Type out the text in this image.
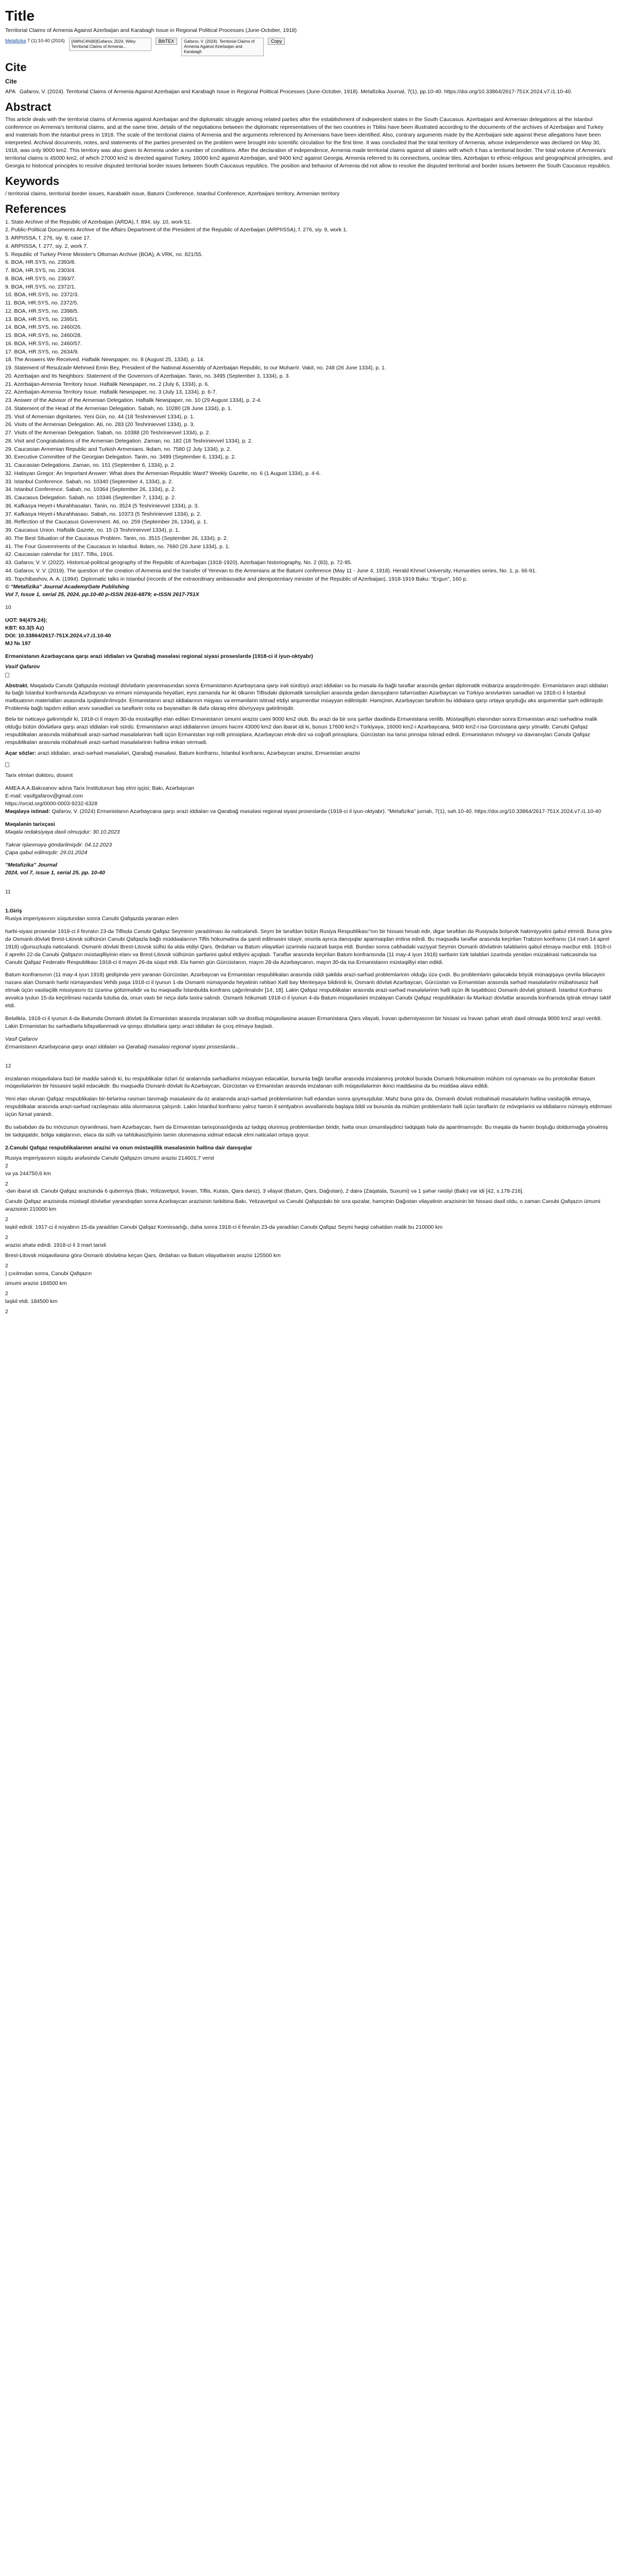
Title

Territorial Claims of Armenia Against Azerbaijan and Karabagh Issue in Regional Political Processes (June-October, 1918)

Metafizika 7 (1):10-40 (2024)	[AM%C4%B0]Gafarov, 2024, Wiley Territorial Claims of Armenia...
BibTEX	Gafarov, V. (2024). Territorial Claims of Armenia Against Azerbaijan and Karabagh
Copy
Cite
Cite
APA Gafarov, V. (2024). Territorial Claims of Armenia Against Azerbaijan and Karabagh Issue in Regional Political Processes (June-October, 1918). Metafizika Journal, 7(1), pp.10-40. https://doi.org/10.33864/2617-751X.2024.v7.i1.10-40.
Abstract

This article deals with the territorial claims of Armenia against Azerbaijan and the diplomatic struggle among related parties after the establishment of independent states in the South Caucasus. Azerbaijani and Armenian delegations at the Istanbul conference on Armenia's territorial claims, and at the same time, details of the negotiations between the diplomatic representatives of the two countries in Tbilisi have been illustrated according to the documents of the archives of Azerbaijan and Turkey and materials from the Istanbul press in 1918. The scale of the territorial claims of Armenia and the arguments referenced by Armenians have been identified. Also, contrary arguments made by the Azerbaijani side against these allegations have been interpreted. Archival documents, notes, and statements of the parties presented on the problem were brought into scientific circulation for the first time. It was concluded that the total territory of Armenia, whose independence was declared on May 30, 1918, was only 9000 km2. This territory was also given to Armenia under a number of conditions. After the declaration of independence, Armenia made territorial claims against all states with which it has a territorial border. The total volume of Armenia's territorial claims is 45000 km2, of which 27000 km2 is directed against Turkey, 16000 km2 against Azerbaijan, and 9400 km2 against Georgia. Armenia referred to its connections, unclear tiles, Azerbaijan to ethnic-religious and geographical principles, and Georgia to historical principles to resolve disputed territorial border issues between South Caucasus republics. The position and behavior of Armenia did not allow to resolve the disputed territorial and border issues between the South Caucasus republics.

Keywords

/ territorial claims, territorial border issues, Karabakh issue, Batumi Conference, Istanbul Conference, Azerbaijani territory, Armenian territory

References

1. State Archive of the Republic of Azerbaijan (ARDA), f. 894, siy. 10, work 51.

2. Public-Political Documents Archive of the Affairs Department of the President of the Republic of Azerbaijan (ARPIISSA), f. 276, siy. 9, work 1.

3. ARPIISSA, f. 276, siy. 9, case 17.

4. ARPIISSA, f. 277, siy. 2, work 7.

5. Republic of Turkey Prime Minister's Ottoman Archive (BOA), A.VRK, no. 821/55.

6. BOA, HR.SYS, no. 2393/8.

7. BOA, HR.SYS, no. 2303/4.

8. BOA, HR.SYS, no. 2393/7.

9. BOA, HR.SYS, no. 2372/1.

10. BOA, HR.SYS, no. 2372/3.

11. BOA, HR.SYS, no. 2372/5.

12. BOA, HR.SYS, no. 2398/5.

13. BOA, HR.SYS, no. 2395/1.

14. BOA, HR.SYS, no. 2460/26.

15. BOA, HR.SYS, no. 2460/28.

16. BOA, HR.SYS, no. 2460/57.

17. BOA, HR.SYS, no. 2634/9.

18. The Answers We Received. Haftalik Newspaper, no. 8 (August 25, 1334), p. 14.

19. Statement of Resulzade Mehmed Emin Bey, President of the National Assembly of Azerbaijan Republic, to our Muharrir. Vakit, no. 248 (26 June 1334), p. 1.

20. Azerbaijan and Its Neighbors: Statement of the Governors of Azerbaijan. Tanin, no. 3495 (September 3, 1334), p. 3.

21. Azerbaijan-Armenia Territory Issue. Haftalik Newspaper, no. 2 (July 6, 1334), p. 6.

22. Azerbaijan-Armenia Territory Issue. Haftalik Newspaper, no. 3 (July 13, 1334), p. 6-7.

23. Answer of the Advisor of the Armenian Delegation. Haftalik Newspaper, no. 10 (29 August 1334), p. 2-4.

24. Statement of the Head of the Armenian Delegation. Sabah, no. 10280 (28 June 1334), p. 1.

25. Visit of Armenian dignitaries. Yeni Gün, no. 44 (18 Teshrinievvel 1334), p. 1.

26. Visits of the Armenian Delegation. Ati, no. 283 (20 Teshrinievvel 1334), p. 3.

27. Visits of the Armenian Delegation. Sabah, no. 10388 (20 Teshrinievvel 1334), p. 2.

28. Visit and Congratulations of the Armenian Delegation. Zaman, no. 182 (18 Teshrinievvel 1334), p. 2.

29. Caucasian Armenian Republic and Turkish Armenians. Ikdam, no. 7580 (2 July 1334), p. 2.

30. Executive Committee of the Georgian Delegation. Tanin, no. 3499 (September 6, 1334), p. 2.

31. Caucasian Delegations. Zaman, no. 151 (September 6, 1334), p. 2.

32. Hatisyan Gregor: An Important Answer: What does the Armenian Republic Want? Weekly Gazette, no. 6 (1 August 1334), p. 4-6.

33. Istanbul Conference. Sabah, no. 10340 (September 4, 1334), p. 2.

34. Istanbul Conference. Sabah, no. 10364 (September 26, 1334), p. 2.

35. Caucasus Delegation. Sabah, no. 10346 (September 7, 1334), p. 2.

36. Kafkasya Heyet-i Murahhasaları. Tanin, no. 3524 (5 Teshrinievvel 1334), p. 3.

37. Kafkasya Heyet-i Murahhasası. Sabah, no. 10373 (5 Teshrinievvel 1334), p. 2.

38. Reflection of the Caucasus Government. Ati, no. 259 (September 26, 1334), p. 1.

39. Caucasus Union. Haftalik Gazete, no. 15 (3 Teshrinievvel 1334), p. 1.

40. The Best Situation of the Caucasus Problem. Tanin, no. 3515 (September 26, 1334), p. 2.

41. The Four Governments of the Caucasus in Istanbul. Ikdam, no. 7660 (26 June 1334), p. 1.

42. Caucasian calendar for 1917. Tiflis, 1916.

43. Gafarov, V. V. (2022). Historical-political geography of the Republic of Azerbaijan (1918-1920). Azerbaijan historiography, No. 2 (83), p. 72-95.

44. Gafarov, V. V. (2019). The question of the creation of Armenia and the transfer of Yerevan to the Armenians at the Batumi conference (May 11 - June 4, 1918). Herald Khmel University, Humanities series, No. 1, p. 66-91.

45. Topchibashov, A. A. (1994). Diplomatic talks in Istanbul (records of the extraordinary ambassador and plenipotentiary minister of the Republic of Azerbaijan), 1918-1919 Baku: "Ergun", 160 p.

© "Metafizika" Journal AcademyGate Publishing

Vol 7, Issue 1, serial 25, 2024, pp.10-40 p-ISSN 2616-6879; e-ISSN 2617-751X

10

UOT: 94(479.24);

KBT: 63.3(5 Az)

DOI: 10.33864/2617-751X.2024.v7.i1.10-40

MJ № 197

Ermənistanın Azərbaycana qarşı ərazi iddiaları və Qarabağ məsələsi regional siyasi proseslərdə (1918-ci il iyun-oktyabr)

Vasif Qafarov

Abstrakt. Məqalədə Cənubi Qafqazda müstəqil dövlətlərin yaranmasından sonra Ermənistanın Azərbaycana qarşı irəli sürdüyü ərazi iddiaları və bu məsələ ilə bağlı tərəflər arasında gedən diplomatik mübarizə araşdırılmışdır. Ermənistanın ərazi iddiaları ilə bağlı İstanbul konfransında Azərbaycan və erməni nümayəndə heyətləri, eyni zamanda hər iki ölkənin Tiflisdəki diplomatik təmsilçiləri arasında gedən danışıqların təfərrüatları Azərbaycan və Türkiyə arxivlərinin sənədləri və 1918-ci il İstanbul mətbuatının materialları əsasında işıqlandırılmışdır. Ermənistanın ərazi iddialarının miqyası və ermənilərin istinad etdiyi arqumentlər müəyyən edilmişdir. Həmçinin, Azərbaycan tərəfinin bu iddialara qarşı ortaya qoyduğu əks arqumentlər şərh edilmişdir. Problemlə bağlı tapdırn edilən arxiv sənədləri və tərəflərin nota və bəyanatları ilk dəfə olaraq elmi dövriyyəyə gətirilmişdir.

Belə bir nəticəyə gəlinmişdir ki, 1918-ci il mayın 30-da müstəqilliyi elan edilən Ermənistanın ümumi ərazisi cəmi 9000 km2 olub. Bu ərazi də bir sıra şərtlər daxilində Ermənistana verilib. Müstəqilliyin elanından sonra Ermənistan ərazi sərhədinə malik olduğu bütün dövlətlərə qarşı ərazi iddiaları irəli sürdü. Ermənistanın ərazi iddialarının ümumi həcmi 43000 km2 dən ibarət idi ki, bunun 17600 km2-i Türkiyəyə, 16000 km2-i Azərbaycana, 9400 km2-i isə Gürcüstana qarşı yönəlib. Cənubi Qafqaz respublikaları arasında mübahisəli ərazi-sərhəd məsələlərinin həlli üçün Ermənistan irqi-milli prinsiplərə, Azərbaycan etnik-dini və coğrafi prinsiplərə, Gürcüstan isə tarixi prinsipə istinad edirdi. Ermənistanın mövqeyi və davranışları Cənubi Qafqaz respublikaları arasında mübahisəli ərazi-sərhəd məsələlərinin həllinə imkan vermədi.

Açar sözlər: ərazi iddiaları, ərazi-sərhəd məsələləri, Qarabağ məsələsi, Batum konfransı, İstanbul konfransı, Azərbaycan ərazisi, Ermənistan ərazisi

Tarix elmləri doktoru, dosent

AMEA A.A.Bakıxanov adına Tarix İnstitutunun baş elmi işçisi; Bakı, Azərbaycan

E-mail: vasifgafarov@gmail.com

https://orcid.org/0000-0003-9232-6328

Məqaləyə istinad: Qafarov, V. (2024) Ermənistanın Azərbaycana qarşı ərazi iddiaları və Qarabağ məsələsi regional siyasi proseslərdə (1918-ci il iyun-oktyabr). "Metafizika" jurnalı, 7(1), səh.10-40. https://doi.org/10.33864/2617-751X.2024.v7.i1.10-40

Məqalənin tarixçəsi

Məqalə redaksiyaya daxil olmuşdur: 30.10.2023

Təkrar işlənməyə göndərilmişdir: 04.12.2023

Çapa qəbul edilmişdir: 29.01.2024

"Metafizika" Journal

2024, vol 7, issue 1, serial 25, pp. 10-40

11

1.Giriş

Rusiya imperiyasının süqutundan sonra Cənubi Qafqazda yaranan eden

hərbi-siyasi proseslər 1918-ci il fevralın 23-də Tiflisdə Cənubi Qafqaz Seyminin yaradılması ilə nəticələndi. Seym bir tərəfdən bütün Rusiya Respublikası"nın bir hissəsi hesab edir, digər tərəfdən də Rusiyada bolşevik hakimiyyətini qəbul etmirdi. Buna görə də Osmanlı dövləti Brest-Litovsk sülhünün Cənubi Qafqazla bağlı müddəalarının Tiflis hökumətinə də şamil edilməsini istəyir, onunla ayrıca danışıqlar aparmaqdan imtina edirdi. Bu məqsədlə tərəflər arasında keçirilən Trabzon konfransı (14 mart-14 aprel 1918) uğursuzluqla nəticələndi. Osmanlı dövləti Brest-Litovsk sülhü ilə əldə etdiyi Qars, Ərdahan və Batum vilayətləri üzərində nəzarəti bərpa etdi. Bundan sonra cəbhədəki vəziyyət Seymin Osmanlı dövlətinin tələblərini qəbul etməyə məcbur etdi. 1918-ci il aprelin 22-də Cənubi Qafqazın müstəqilliyinin elanı və Brest-Litovsk sülhünün şərtlərini qəbul etdiyini açıqladı. Tərəflər arasında keçirilən Batum konfransında (11 may-4 iyun 1918) sərtlərin türk tələbləri üzərində yenidən müzakirəsi nəticəsində isə Cənubi Qafqaz Federativ Respublikası 1918-ci il mayın 26-da süqut etdi. Elə həmin gün Gürcüstanın, mayın 28-də Azərbaycanın, mayın 30-da isə Ermənistanın müstəqilliyi elan edildi.

Batum konfransının (11 may-4 iyun 1918) gedişində yeni yaranan Gürcüstan, Azərbaycan və Ermənistan respublikaları arasında ciddi şəkildə ərazi-sərhəd problemlərinin olduğu üzə çıxdı. Bu problemlərin gələcəkdə böyük münaqişəyə çevrilə biləcəyini nəzərə alan Osmanlı hərbi nümayəndəsi Vehib paşa 1918-ci il iyunun 1-də Osmanlı nümayəndə heyətinin rəhbəri Xəlil bəy Menteşəyə bildirirdi ki, Osmanlı dövləti Azərbaycan, Gürcüstan və Ermənistan arasında sərhəd məsələlərini mübahisəsiz həll etmək üçün vasitəçilik missiyasını öz üzərinə götürməlidir və bu məqsədlə İstanbulda konfrans çağırılmalıdır [14; 18]. Lakin Qafqaz respublikaları arasında ərazi-sərhəd məsələlərinin həlli üçün ilk təşəbbüsü Osmanlı dövləti göstərdi. İstanbul Konfransı əvvəlcə iyulun 15-də keçirilməsi nəzərdə tutulsa da, onun vaxtı bir neçə dəfə təxirə salındı. Osmanlı hökuməti 1918-ci il iyunun 4-də Batum müqaviləsini imzalayan Cənubi Qafqaz respublikaları ilə Mərkəzi dövlətlər arasında konfransda iştirak etməyi təklif etdi.

Beləliklə, 1918-ci il iyunun 4-də Batumda Osmanlı dövləti ilə Ermənistan arasında imzalanan sülh və dostluq müqaviləsinə əsasən Ermənistana Qars vilayəti, İrəvan quberniyasının bir hissəsi və İrəvan şəhəri ətrafı daxil olmaqla 9000 km2 ərazi verildi. Lakin Ermənistan bu sərhədlərlə kifayətlənmədi və qonşu dövlətlərə qarşı ərazi iddiaları ilə çıxış etməyə başladı.

Vasif Qafarov

Ermənistanın Azərbaycana qarşı ərazi iddiaları və Qarabağ məsələsi regional siyasi proseslərdə...

12

imzalanan müqavilələrə bəzi bir maddə salındı ki, bu respublikalar özləri öz aralarında sərhədlərini müəyyən edəcəklər, bununla bağlı tərəflər arasında imzalanmış protokol burada Osmanlı hökumətinin mühüm rol oynaması və bu protokollar Batum müqavilələrinin bir hissəsini təşkil edəcəkdir. Bu məqsədlə Osmanlı dövləti ilə Azərbaycan, Gürcüstan və Ermənistan arasında imzalanan sülh müqavilələrinin ikinci maddəsinə də bu müddəa əlavə edildi.

Yeni elan olunan Qafqaz respublikaları bir-birlərinə rəsmən tanımağı məsələsini də öz aralarında ərazi-sərhəd problemlərinin həll edəndən sonra qoymuşdular. Məhz buna görə də, Osmanlı dövləti mübahisəli məsələlərin həllinə vasitəçilik etməyə, respublikalar arasında ərazi-sərhəd razılaşması əldə olunmasına çalışırdı. Lakin İstanbul konfransı yalnız həmin il sentyabrın əvvəllərində başlaya bildi və bununla da mühüm problemlərin həlli üçün tərəflərin öz mövqelərini və iddialarını nümayiş etdirməsi üçün fürsət yarandı.

Bu səbəbdən də bu mövzunun öyrənilməsi, həm Azərbaycan, həm də Ermənistan tarixşünaslığında az tədqiq olunmuş problemlərdən biridir, hətta onun ümumiləşdirici tədqiqatı hələ də aparılmamışdır. Bu məqalə də həmin boşluğu doldurmağa yönəlmiş bir tədqiqatdır, bölgə xalqlarının, eləcə də sülh və təhlükəsizliyinin təmin olunmasına xidmət edəcək elmi nəticələri ortaya qoyur.

2.Cənubi Qafqaz respublikalarının ərazisi və onun müstəqillik məsələsinin həllinə dair danışıqlar

Rusiya imperiyasının süqutu ərəfəsində Cənubi Qafqazın ümumi ərazisi 214601,7 verst

2

və ya 244750,6 km

2

-dən ibarət idi. Cənubi Qafqaz arazisində 6 quberniya (Bakı, Yelizavetpol, İrəvan, Tiflis, Kutais, Qara dəniz), 3 vilayət (Batum, Qars, Dağıstan), 2 dairə (Zaqatala, Suxumi) və 1 şəhər rəisliyi (Bakı) var idi [42, s.178-216].

Cənubi Qafqaz ərazisində müstəqil dövlətlər yarandıqdan sonra Azərbaycan ərazisinin tərkibinə Bakı, Yelizavetpol və Cənubi Qafqazdakı bir sıra qəzalar, həmçinin Dağıstan vilayətinin ərazisinin bir hissəsi daxil oldu, o zaman Cənubi Qafqazın ümumi ərazisinin 210000 km

2

təşkil edirdi. 1917-ci il noyabrın 15-də yaradılan Cənubi Qafqaz Komissarlığı, daha sonra 1918-ci il fevralın 23-də yaradılan Cənubi Qafqaz Seymi həqiqi cəhətdən malik bu 210000 km

2

ərazisi əhatə edirdi. 1918-ci il 3 mart tarixli

Brest-Litovsk müqaviləsinə görə Osmanlı dövlətinə keçən Qars, Ərdahan və Batum vilayətlərinin ərazisi 125500 km

2

) çıxılmıdan sonra, Cənubi Qafqazın

ümumi ərazisi 184500 km

2

təşkil etdi. 184500 km

2
